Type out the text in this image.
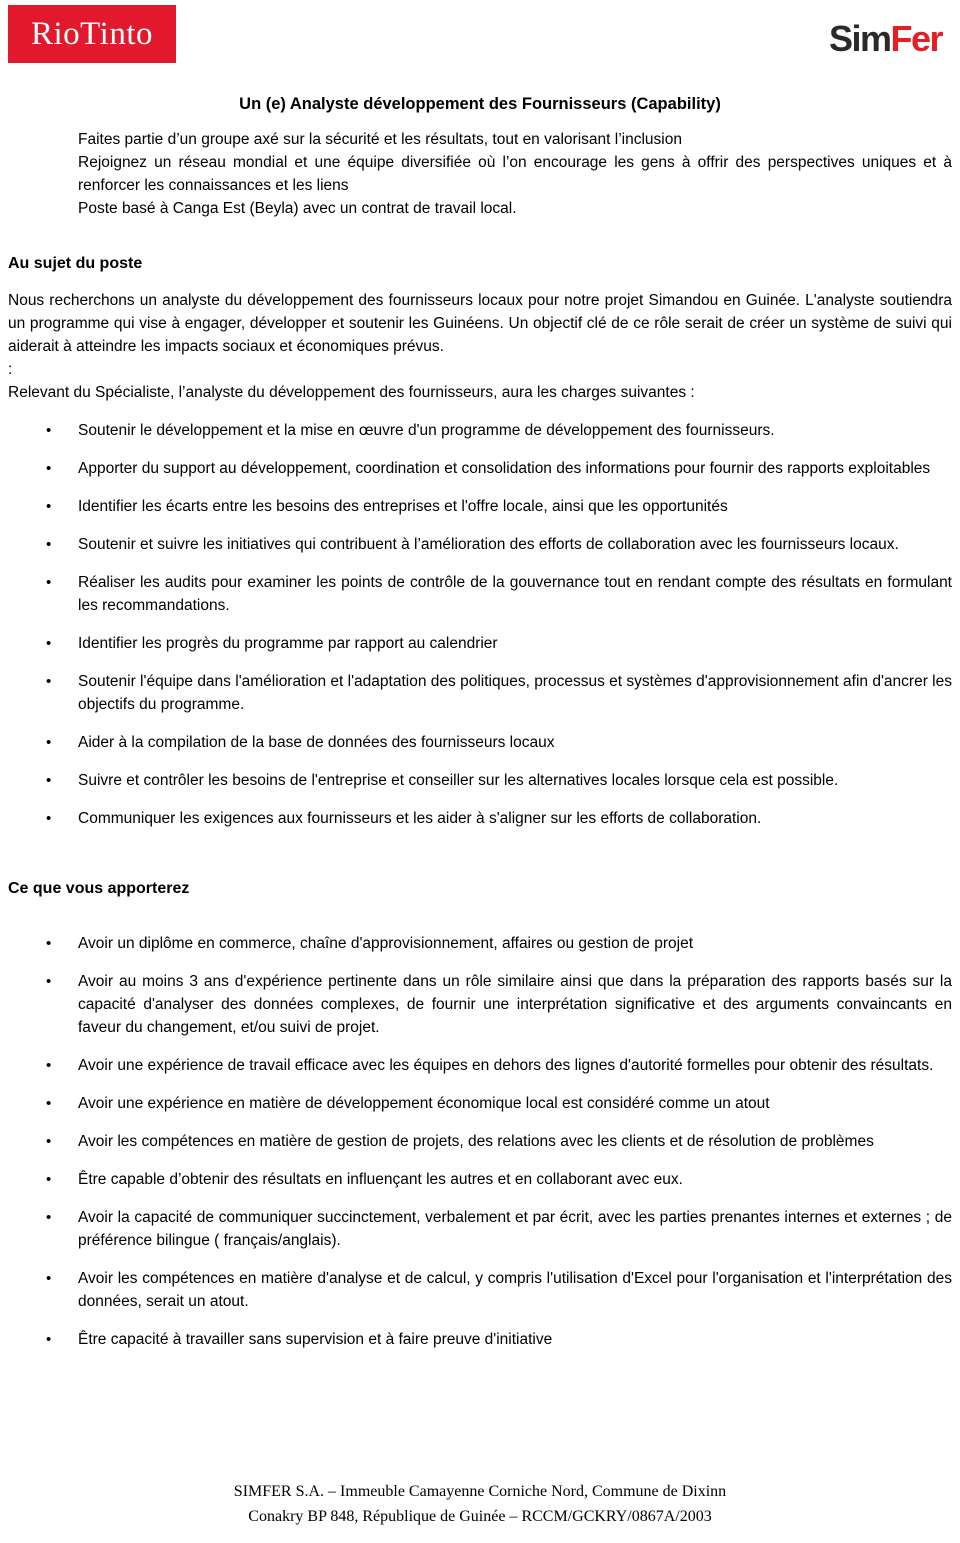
RioTinto	SimFer
Un (e) Analyste développement des Fournisseurs (Capability)

Faites partie d’un groupe axé sur la sécurité et les résultats, tout en valorisant l’inclusion

Rejoignez un réseau mondial et une équipe diversifiée où l’on encourage les gens à offrir des perspectives uniques et à renforcer les connaissances et les liens

Poste basé à Canga Est (Beyla) avec un contrat de travail local.

Au sujet du poste

Nous recherchons un analyste du développement des fournisseurs locaux pour notre projet Simandou en Guinée. L'analyste soutiendra un programme qui vise à engager, développer et soutenir les Guinéens. Un objectif clé de ce rôle serait de créer un système de suivi qui aiderait à atteindre les impacts sociaux et économiques prévus.

:

Relevant du Spécialiste, l’analyste du développement des fournisseurs, aura les charges suivantes :

• Soutenir le développement et la mise en œuvre d'un programme de développement des fournisseurs.
• Apporter du support au développement, coordination et consolidation des informations pour fournir des rapports exploitables
• Identifier les écarts entre les besoins des entreprises et l'offre locale, ainsi que les opportunités
• Soutenir et suivre les initiatives qui contribuent à l’amélioration des efforts de collaboration avec les fournisseurs locaux.
• Réaliser les audits pour examiner les points de contrôle de la gouvernance tout en rendant compte des résultats en formulant les recommandations.
• Identifier les progrès du programme par rapport au calendrier
• Soutenir l'équipe dans l'amélioration et l'adaptation des politiques, processus et systèmes d'approvisionnement afin d'ancrer les objectifs du programme.
• Aider à la compilation de la base de données des fournisseurs locaux
• Suivre et contrôler les besoins de l'entreprise et conseiller sur les alternatives locales lorsque cela est possible.
• Communiquer les exigences aux fournisseurs et les aider à s'aligner sur les efforts de collaboration.
Ce que vous apporterez
• Avoir un diplôme en commerce, chaîne d'approvisionnement, affaires ou gestion de projet
• Avoir au moins 3 ans d'expérience pertinente dans un rôle similaire ainsi que dans la préparation des rapports basés sur la capacité d'analyser des données complexes, de fournir une interprétation significative et des arguments convaincants en faveur du changement, et/ou suivi de projet.
• Avoir une expérience de travail efficace avec les équipes en dehors des lignes d'autorité formelles pour obtenir des résultats.
• Avoir une expérience en matière de développement économique local est considéré comme un atout
• Avoir les compétences en matière de gestion de projets, des relations avec les clients et de résolution de problèmes
• Être capable d’obtenir des résultats en influençant les autres et en collaborant avec eux.
• Avoir la capacité de communiquer succinctement, verbalement et par écrit, avec les parties prenantes internes et externes ; de préférence bilingue ( français/anglais).
• Avoir les compétences en matière d'analyse et de calcul, y compris l'utilisation d'Excel pour l'organisation et l'interprétation des données, serait un atout.
• Être capacité à travailler sans supervision et à faire preuve d'initiative
SIMFER S.A. – Immeuble Camayenne Corniche Nord, Commune de Dixinn
Conakry BP 848, République de Guinée – RCCM/GCKRY/0867A/2003
